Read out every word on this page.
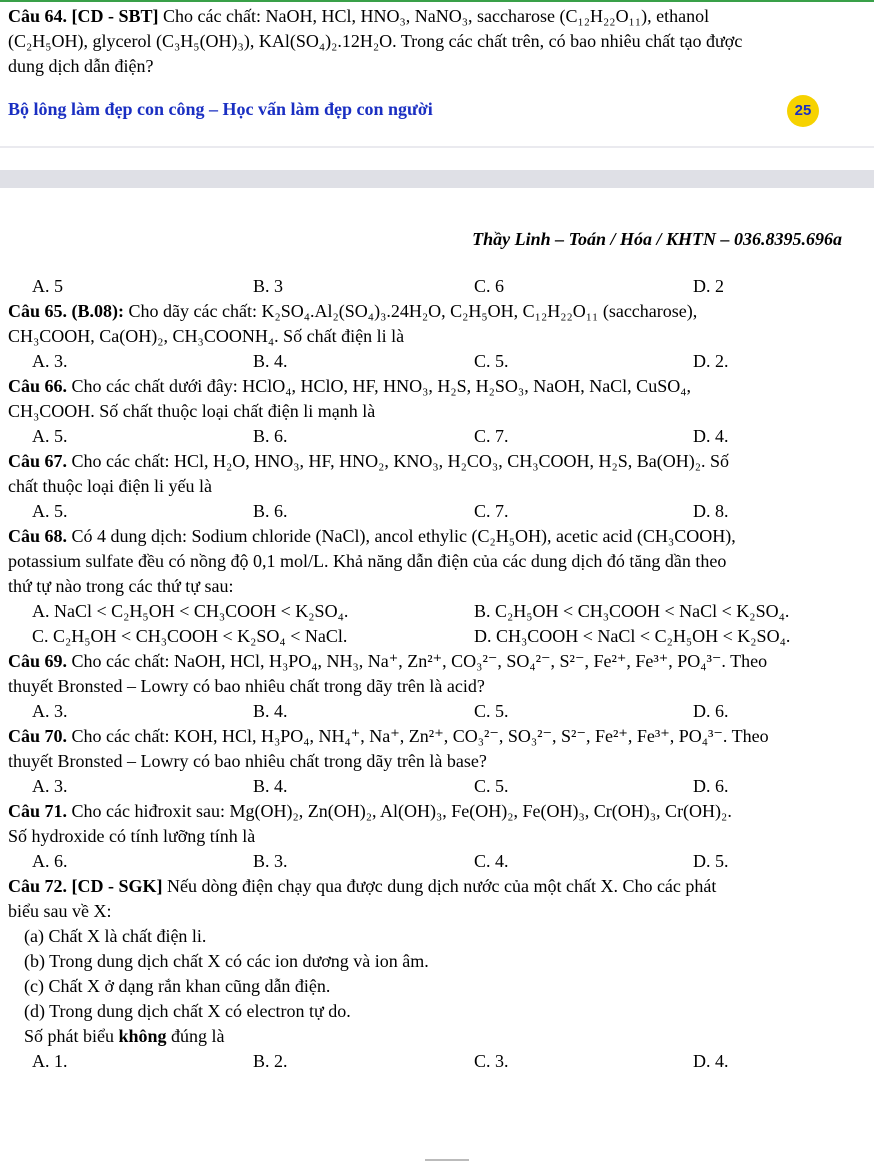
Câu 64. [CD - SBT] Cho các chất: NaOH, HCl, HNO₃, NaNO₃, saccharose (C₁₂H₂₂O₁₁), ethanol
(C₂H₅OH), glycerol (C₃H₅(OH)₃), KAl(SO₄)₂.12H₂O. Trong các chất trên, có bao nhiêu chất tạo được
dung dịch dẫn điện?
Bộ lông làm đẹp con công – Học vấn làm đẹp con người	25
Thầy Linh – Toán / Hóa / KHTN – 036.8395.696a
A. 5	B. 3	C. 6	D. 2
Câu 65. (B.08): Cho dãy các chất: K₂SO₄.Al₂(SO₄)₃.24H₂O, C₂H₅OH, C₁₂H₂₂O₁₁ (saccharose),
CH₃COOH, Ca(OH)₂, CH₃COONH₄. Số chất điện li là
A. 3.	B. 4.	C. 5.	D. 2.
Câu 66. Cho các chất dưới đây: HClO₄, HClO, HF, HNO₃, H₂S, H₂SO₃, NaOH, NaCl, CuSO₄,
CH₃COOH. Số chất thuộc loại chất điện li mạnh là
A. 5.	B. 6.	C. 7.	D. 4.
Câu 67. Cho các chất: HCl, H₂O, HNO₃, HF, HNO₂, KNO₃, H₂CO₃, CH₃COOH, H₂S, Ba(OH)₂. Số
chất thuộc loại điện li yếu là
A. 5.	B. 6.	C. 7.	D. 8.
Câu 68. Có 4 dung dịch: Sodium chloride (NaCl), ancol ethylic (C₂H₅OH), acetic acid (CH₃COOH),
potassium sulfate đều có nồng độ 0,1 mol/L. Khả năng dẫn điện của các dung dịch đó tăng dần theo
thứ tự nào trong các thứ tự sau:
A. NaCl < C₂H₅OH < CH₃COOH < K₂SO₄.	B. C₂H₅OH < CH₃COOH < NaCl < K₂SO₄.
C. C₂H₅OH < CH₃COOH < K₂SO₄ < NaCl.	D. CH₃COOH < NaCl < C₂H₅OH < K₂SO₄.
Câu 69. Cho các chất: NaOH, HCl, H₃PO₄, NH₃, Na⁺, Zn²⁺, CO₃²⁻, SO₄²⁻, S²⁻, Fe²⁺, Fe³⁺, PO₄³⁻. Theo
thuyết Bronsted – Lowry có bao nhiêu chất trong dãy trên là acid?
A. 3.	B. 4.	C. 5.	D. 6.
Câu 70. Cho các chất: KOH, HCl, H₃PO₄, NH₄⁺, Na⁺, Zn²⁺, CO₃²⁻, SO₃²⁻, S²⁻, Fe²⁺, Fe³⁺, PO₄³⁻. Theo
thuyết Bronsted – Lowry có bao nhiêu chất trong dãy trên là base?
A. 3.	B. 4.	C. 5.	D. 6.
Câu 71. Cho các hiđroxit sau: Mg(OH)₂, Zn(OH)₂, Al(OH)₃, Fe(OH)₂, Fe(OH)₃, Cr(OH)₃, Cr(OH)₂.
Số hydroxide có tính lưỡng tính là
A. 6.	B. 3.	C. 4.	D. 5.
Câu 72. [CD - SGK] Nếu dòng điện chạy qua được dung dịch nước của một chất X. Cho các phát
biểu sau về X:
(a) Chất X là chất điện li.
(b) Trong dung dịch chất X có các ion dương và ion âm.
(c) Chất X ở dạng rắn khan cũng dẫn điện.
(d) Trong dung dịch chất X có electron tự do.
Số phát biểu không đúng là
A. 1.	B. 2.	C. 3.	D. 4.
